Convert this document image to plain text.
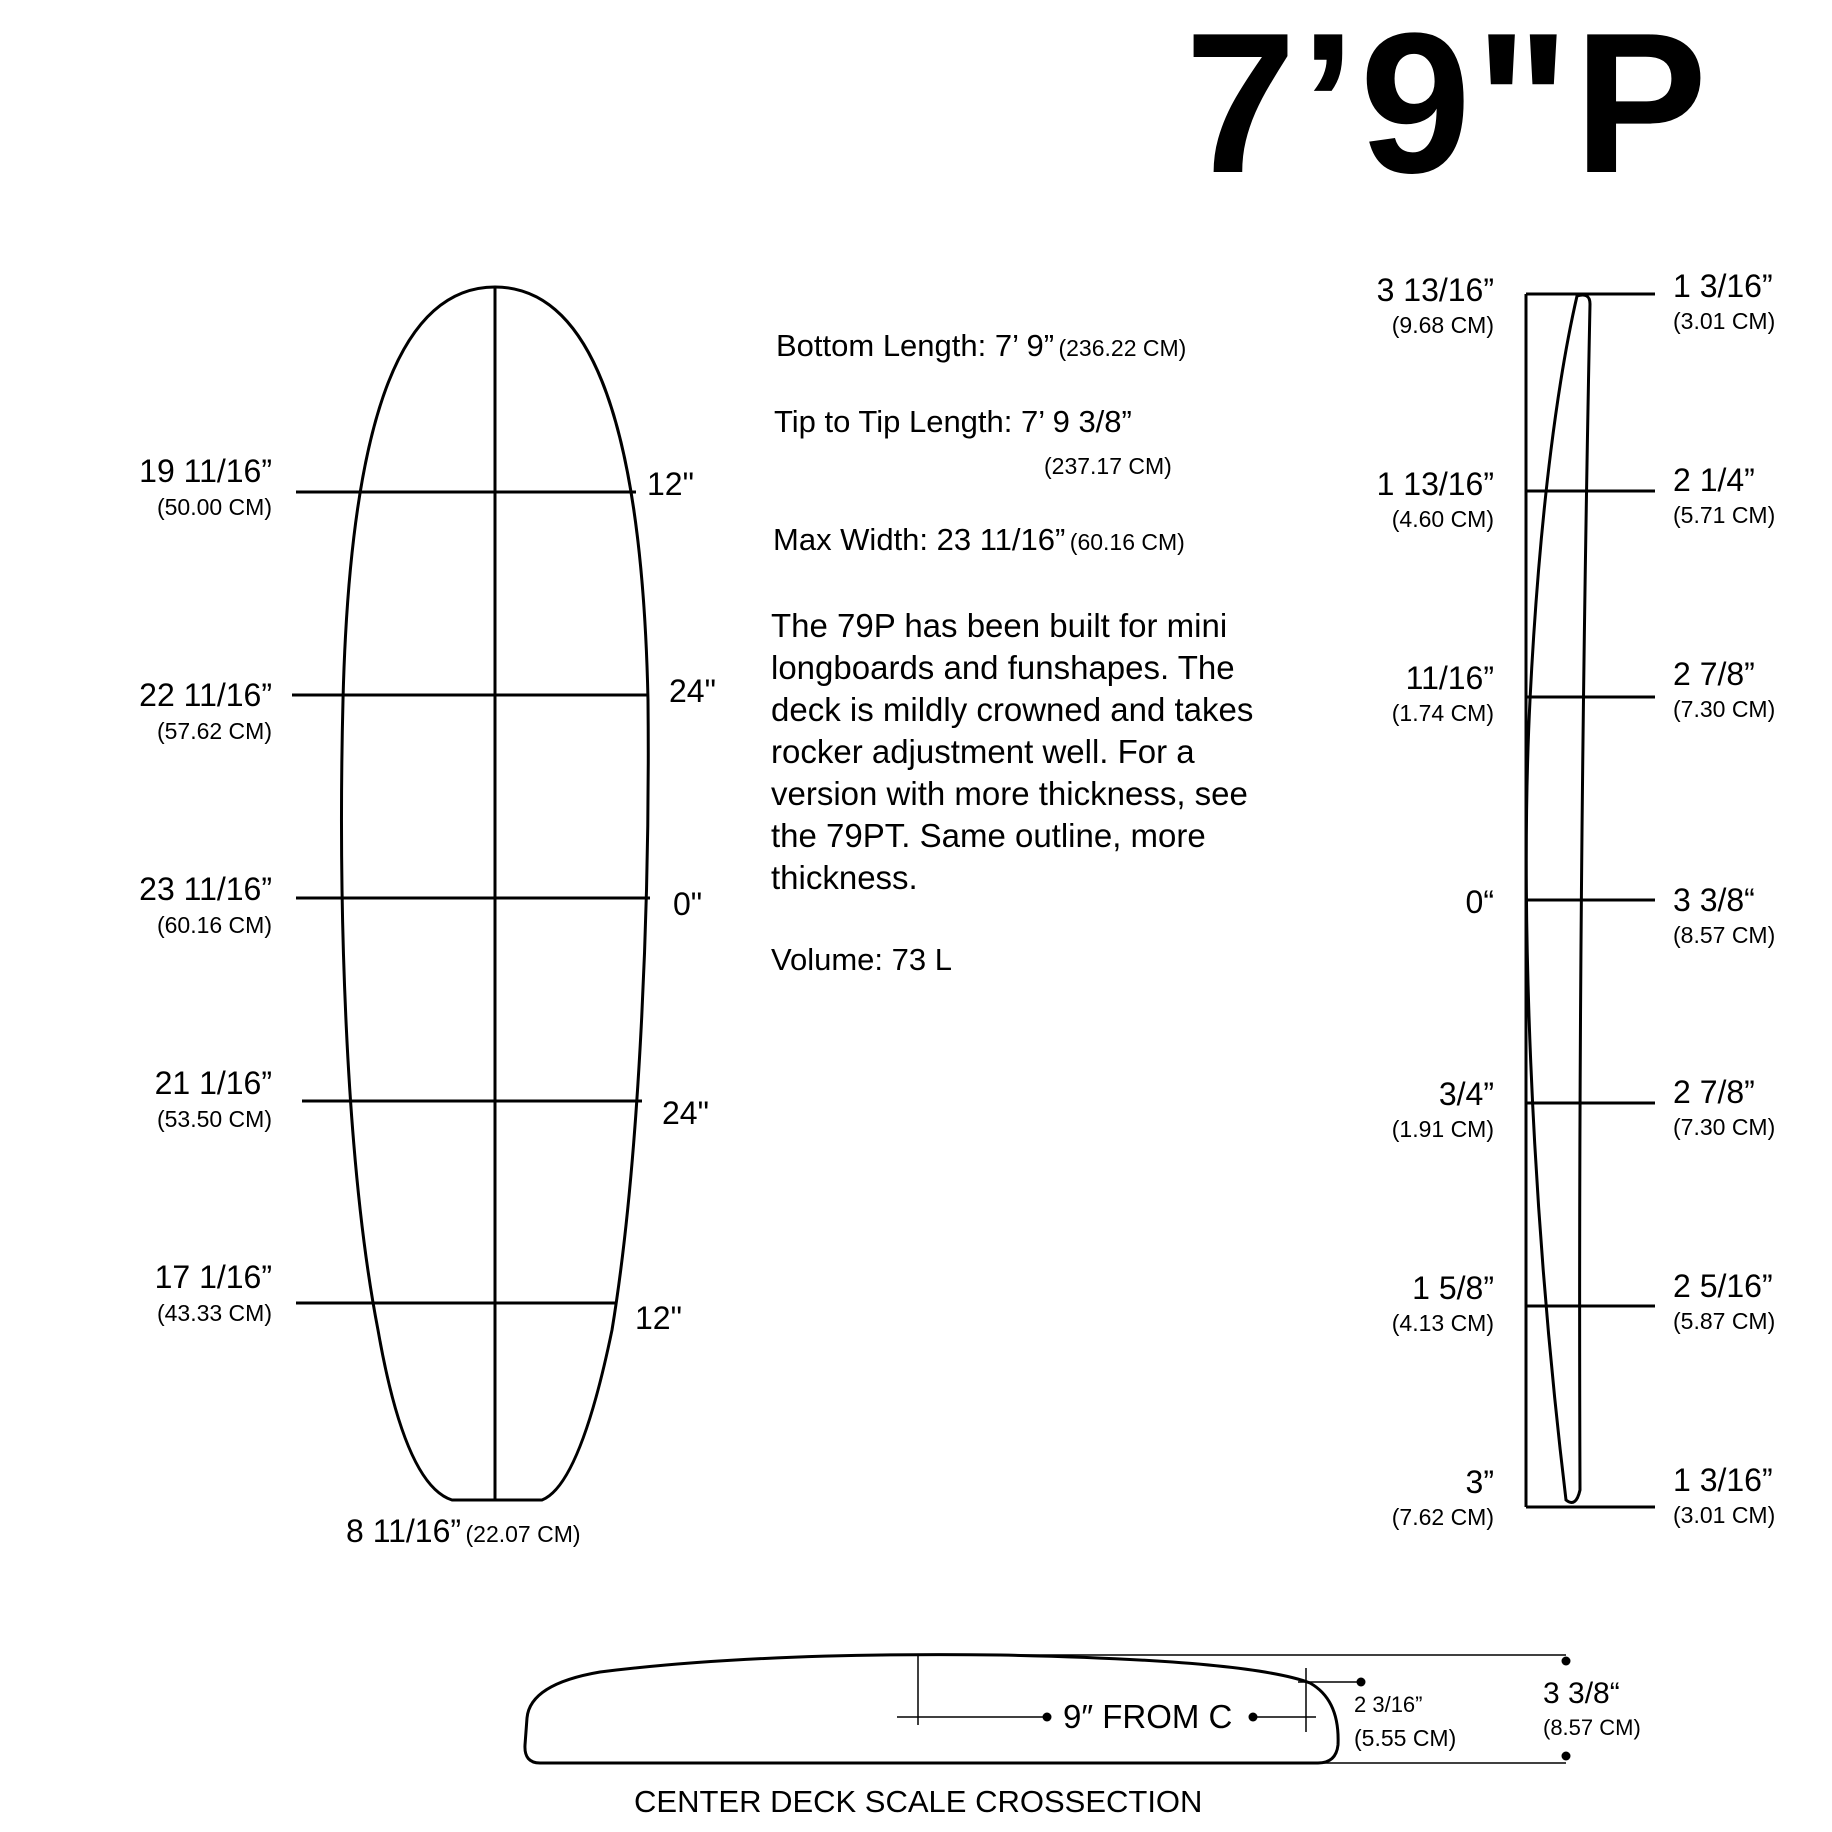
7’9"P
19 11/16”
(50.00 CM)
22 11/16”
(57.62 CM)
23 11/16”
(60.16 CM)
21 1/16”
(53.50 CM)
17 1/16”
(43.33 CM)
12"
24"
0"
24"
12"
8 11/16” (22.07 CM)
Bottom Length: 7’ 9” (236.22 CM)
Tip to Tip Length: 7’ 9 3/8”
(237.17 CM)
Max Width: 23 11/16” (60.16 CM)
The 79P has been built for mini longboards and funshapes. The deck is mildly crowned and takes rocker adjustment well. For a version with more thickness, see the 79PT. Same outline, more thickness.
Volume: 73 L
3 13/16”
(9.68 CM)
1 13/16”
(4.60 CM)
11/16”
(1.74 CM)
0“
3/4”
(1.91 CM)
1 5/8”
(4.13 CM)
3”
(7.62 CM)
1 3/16”
(3.01 CM)
2 1/4”
(5.71 CM)
2 7/8”
(7.30 CM)
3 3/8“
(8.57 CM)
2 7/8”
(7.30 CM)
2 5/16”
(5.87 CM)
1 3/16”
(3.01 CM)
9″ FROM C	2 3/16”
(5.55 CM)
3 3/8“
(8.57 CM)
CENTER DECK SCALE CROSSECTION
